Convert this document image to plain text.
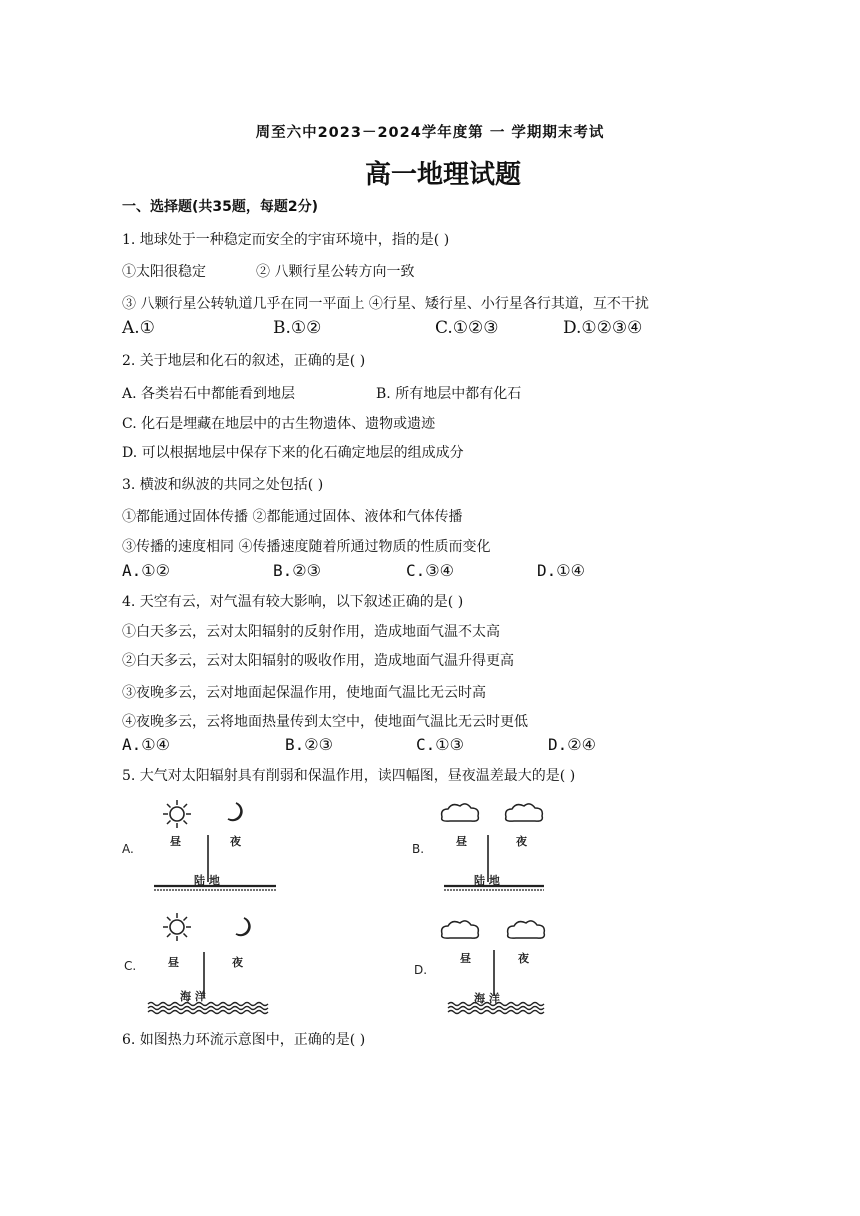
周至六中2023－2024学年度第 一 学期期末考试
高一地理试题
一、选择题(共35题，每题2分)
1. 地球处于一种稳定而安全的宇宙环境中，指的是( )
①太阳很稳定	② 八颗行星公转方向一致
③ 八颗行星公转轨道几乎在同一平面上 ④行星、矮行星、小行星各行其道，互不干扰
A.①	B.①②	C.①②③	D.①②③④
2. 关于地层和化石的叙述，正确的是( )
A. 各类岩石中都能看到地层	B. 所有地层中都有化石
C. 化石是埋藏在地层中的古生物遗体、遗物或遗迹
D. 可以根据地层中保存下来的化石确定地层的组成成分
3. 横波和纵波的共同之处包括( )
①都能通过固体传播 ②都能通过固体、液体和气体传播
③传播的速度相同 ④传播速度随着所通过物质的性质而变化
A.①②	B.②③	C.③④	D.①④
4. 天空有云，对气温有较大影响，以下叙述正确的是( )
①白天多云，云对太阳辐射的反射作用，造成地面气温不太高
②白天多云，云对太阳辐射的吸收作用，造成地面气温升得更高
③夜晚多云，云对地面起保温作用，使地面气温比无云时高
④夜晚多云，云将地面热量传到太空中，使地面气温比无云时更低
A.①④	B.②③	C.①③	D.②④
5. 大气对太阳辐射具有削弱和保温作用，读四幅图，昼夜温差最大的是( )
A.
昼	夜
陆 地
B.
昼	夜
陆 地
C.	昼	夜
海 洋
D.
昼	夜
海 洋
6. 如图热力环流示意图中，正确的是( )
